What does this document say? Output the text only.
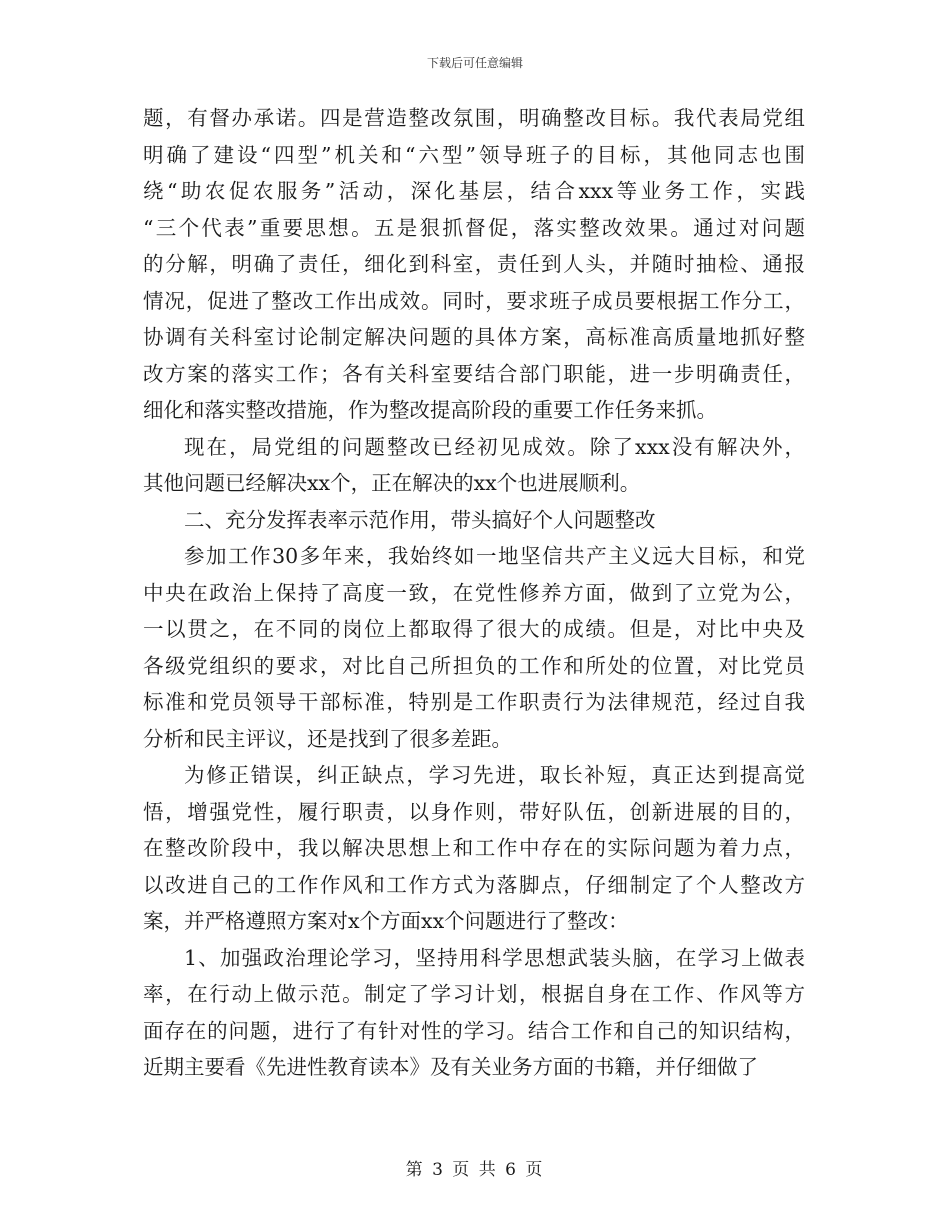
下载后可任意编辑
题，有督办承诺。四是营造整改氛围，明确整改目标。我代表局党组
明确了建设“四型”机关和“六型”领导班子的目标，其他同志也围
绕“助农促农服务”活动，深化基层，结合xxx等业务工作，实践
“三个代表”重要思想。五是狠抓督促，落实整改效果。通过对问题
的分解，明确了责任，细化到科室，责任到人头，并随时抽检、通报
情况，促进了整改工作出成效。同时，要求班子成员要根据工作分工，
协调有关科室讨论制定解决问题的具体方案，高标准高质量地抓好整
改方案的落实工作；各有关科室要结合部门职能，进一步明确责任，
细化和落实整改措施，作为整改提高阶段的重要工作任务来抓。
现在，局党组的问题整改已经初见成效。除了xxx没有解决外，
其他问题已经解决xx个，正在解决的xx个也进展顺利。
二、充分发挥表率示范作用，带头搞好个人问题整改
参加工作30多年来，我始终如一地坚信共产主义远大目标，和党
中央在政治上保持了高度一致，在党性修养方面，做到了立党为公，
一以贯之，在不同的岗位上都取得了很大的成绩。但是，对比中央及
各级党组织的要求，对比自己所担负的工作和所处的位置，对比党员
标准和党员领导干部标准，特别是工作职责行为法律规范，经过自我
分析和民主评议，还是找到了很多差距。
为修正错误，纠正缺点，学习先进，取长补短，真正达到提高觉
悟，增强党性，履行职责，以身作则，带好队伍，创新进展的目的，
在整改阶段中，我以解决思想上和工作中存在的实际问题为着力点，
以改进自己的工作作风和工作方式为落脚点，仔细制定了个人整改方
案，并严格遵照方案对x个方面xx个问题进行了整改：
1、加强政治理论学习，坚持用科学思想武装头脑，在学习上做表
率，在行动上做示范。制定了学习计划，根据自身在工作、作风等方
面存在的问题，进行了有针对性的学习。结合工作和自己的知识结构，
近期主要看《先进性教育读本》及有关业务方面的书籍，并仔细做了
第 3 页 共 6 页
